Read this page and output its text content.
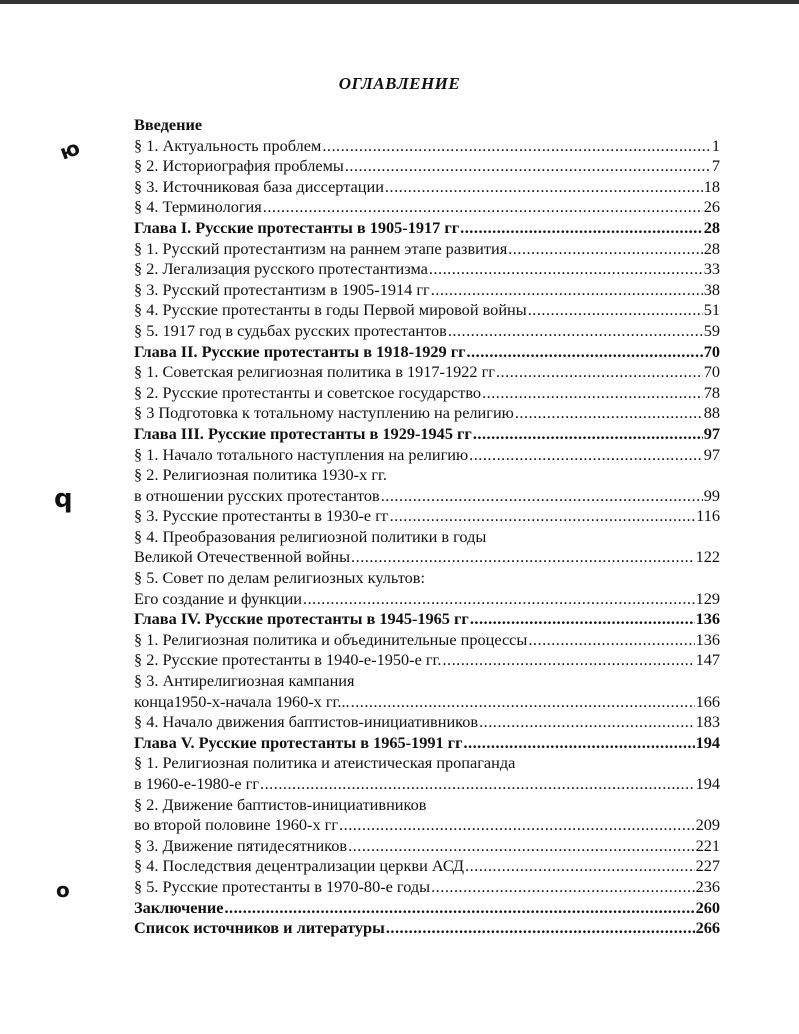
ю
q
o
ОГЛАВЛЕНИЕ
Введение
§ 1. Актуальность проблем .....	1
§ 2. Историография проблемы .....	7
§ 3. Источниковая база диссертации .....	18
§ 4. Терминология .....	26
Глава I. Русские протестанты в 1905-1917 гг .....	28
§ 1. Русский протестантизм на раннем этапе развития .....	28
§ 2. Легализация русского протестантизма .....	33
§ 3. Русский протестантизм в 1905-1914 гг .....	38
§ 4. Русские протестанты в годы Первой мировой войны .....	51
§ 5. 1917 год в судьбах русских протестантов .....	59
Глава II. Русские протестанты в 1918-1929 гг .....	70
§ 1. Советская религиозная политика в 1917-1922 гг .....	70
§ 2. Русские протестанты и советское государство .....	78
§ 3 Подготовка к тотальному наступлению на религию .....	88
Глава III. Русские протестанты в 1929-1945 гг .....	97
§ 1. Начало тотального наступления на религию .....	97
§ 2. Религиозная политика 1930-х гг.
в отношении русских протестантов .....	99
§ 3. Русские протестанты в 1930-е гг .....	116
§ 4. Преобразования религиозной политики в годы
Великой Отечественной войны .....	122
§ 5. Совет по делам религиозных культов:
Его создание и функции .....	129
Глава IV. Русские протестанты в 1945-1965 гг .....	136
§ 1. Религиозная политика и объединительные процессы .....	136
§ 2. Русские протестанты в 1940-е-1950-е гг. .....	147
§ 3. Антирелигиозная кампания
конца1950-х-начала 1960-х гг... .....	166
§ 4. Начало движения баптистов-инициативников .....	183
Глава V. Русские протестанты в 1965-1991 гг .....	194
§ 1. Религиозная политика и атеистическая пропаганда
в 1960-е-1980-е гг .....	194
§ 2. Движение баптистов-инициативников
во второй половине 1960-х гг .....	209
§ 3. Движение пятидесятников .....	221
§ 4. Последствия децентрализации церкви АСД .....	227
§ 5. Русские протестанты в 1970-80-е годы .....	236
Заключение .....	260
Список источников и литературы .....	266
